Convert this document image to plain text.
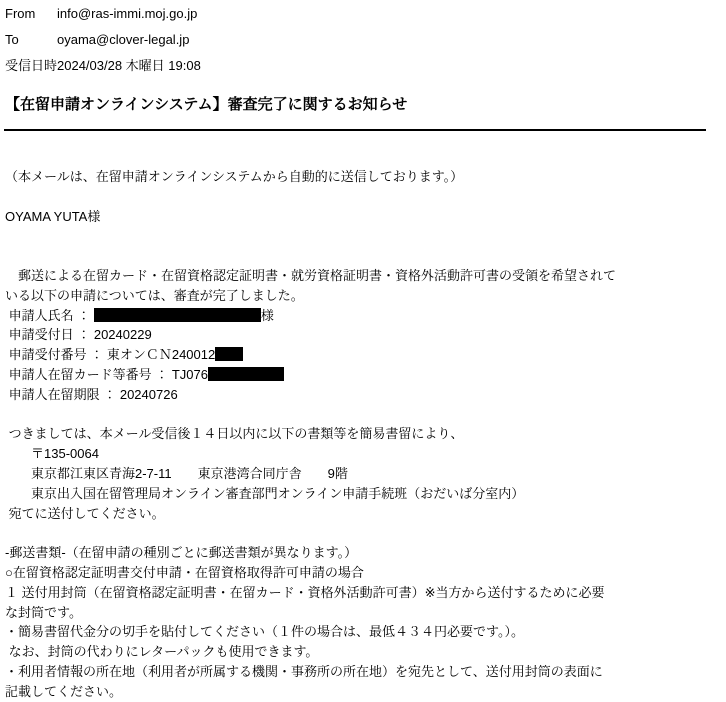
From	info@ras-immi.moj.go.jp
To	oyama@clover-legal.jp
受信日時 2024/03/28 木曜日 19:08
【在留申請オンラインシステム】審査完了に関するお知らせ
（本メールは、在留申請オンラインシステムから自動的に送信しております。）
OYAMA YUTA様
　郵送による在留カード・在留資格認定証明書・就労資格証明書・資格外活動許可書の受領を希望されて
いる以下の申請については、審査が完了しました。
申請人氏名 ：	様
申請受付日 ： 20240229
申請受付番号 ： 東オンＣＮ240012
申請人在留カード等番号 ： TJ076
申請人在留期限 ： 20240726
つきましては、本メール受信後１４日以内に以下の書類等を簡易書留により、
　　〒135-0064
　　東京都江東区青海2-7-11　　東京港湾合同庁舎　　9階
　　東京出入国在留管理局オンライン審査部門オンライン申請手続班（おだいば分室内）
宛てに送付してください。
-郵送書類-（在留申請の種別ごとに郵送書類が異なります。）
○在留資格認定証明書交付申請・在留資格取得許可申請の場合
１ 送付用封筒（在留資格認定証明書・在留カード・資格外活動許可書）※当方から送付するために必要
な封筒です。
・簡易書留代金分の切手を貼付してください（１件の場合は、最低４３４円必要です。）。
なお、封筒の代わりにレターパックも使用できます。
・利用者情報の所在地（利用者が所属する機関・事務所の所在地）を宛先として、送付用封筒の表面に
記載してください。
